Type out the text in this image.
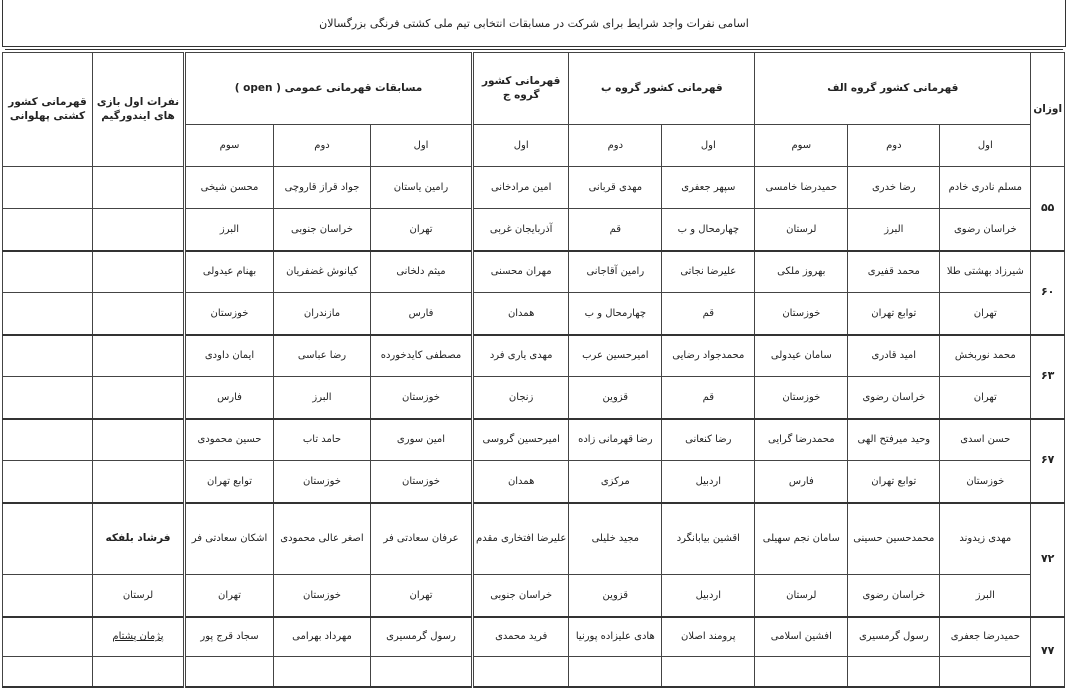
اسامی نفرات واجد شرایط برای شرکت در مسابقات انتخابی تیم ملی کشتی فرنگی بزرگسالان
اوزان	قهرمانی کشور گروه الف			قهرمانی کشور گروه ب		قهرمانی کشور گروه ج	مسابقات قهرمانی عمومی ( open )			نفرات اول بازی های ایندورگیم	قهرمانی کشور کشتی پهلوانی
	اول	دوم	سوم	اول	دوم	اول	اول	دوم	سوم		
۵۵	مسلم نادری خادم	رضا خدری	حمیدرضا خامسی	سپهر جعفری	مهدی قربانی	امین مرادخانی	رامین یاستان	جواد قراز قاروچی	محسن شیخی		
	خراسان رضوی	البرز	لرستان	چهارمحال و ب	قم	آذربایجان غربی	تهران	خراسان جنوبی	البرز		
۶۰	شیرزاد بهشتی طلا	محمد قفیری	بهروز ملکی	علیرضا نجاتی	رامین آقاجانی	مهران محسنی	میثم دلخانی	کیانوش غضفریان	بهنام عیدولی		
	تهران	توابع تهران	خوزستان	قم	چهارمحال و ب	همدان	فارس	مازندران	خوزستان		
۶۳	محمد نوربخش	امید قادری	سامان عیدولی	محمدجواد رضایی	امیرحسین عرب	مهدی یاری فرد	مصطفی کایدخورده	رضا عباسی	ایمان داودی		
	تهران	خراسان رضوی	خوزستان	قم	قزوین	زنجان	خوزستان	البرز	فارس		
۶۷	حسن اسدی	وحید میرفتح الهی	محمدرضا گرایی	رضا کنعانی	رضا قهرمانی زاده	امیرحسین گروسی	امین سوری	حامد تاب	حسین محمودی		
	خوزستان	توابع تهران	فارس	اردبیل	مرکزی	همدان	خوزستان	خوزستان	توابع تهران		
۷۲	مهدی زیدوند	محمدحسین حسینی	سامان نجم سهیلی	اقشین بیابانگرد	مجید خلیلی	علیرضا افتخاری مقدم	عرفان سعادتی فر	اصغر عالی محمودی	اشکان سعادتی فر	فرشاد بلفکه	
	البرز	خراسان رضوی	لرستان	اردبیل	قزوین	خراسان جنوبی	تهران	خوزستان	تهران	لرستان	
۷۷	حمیدرضا جعفری	رسول گرمسیری	افشین اسلامی	پرومند اصلان	هادی علیزاده پورنیا	فرید محمدی	رسول گرمسیری	مهرداد بهرامی	سجاد قرج پور	پژمان پشتام	
